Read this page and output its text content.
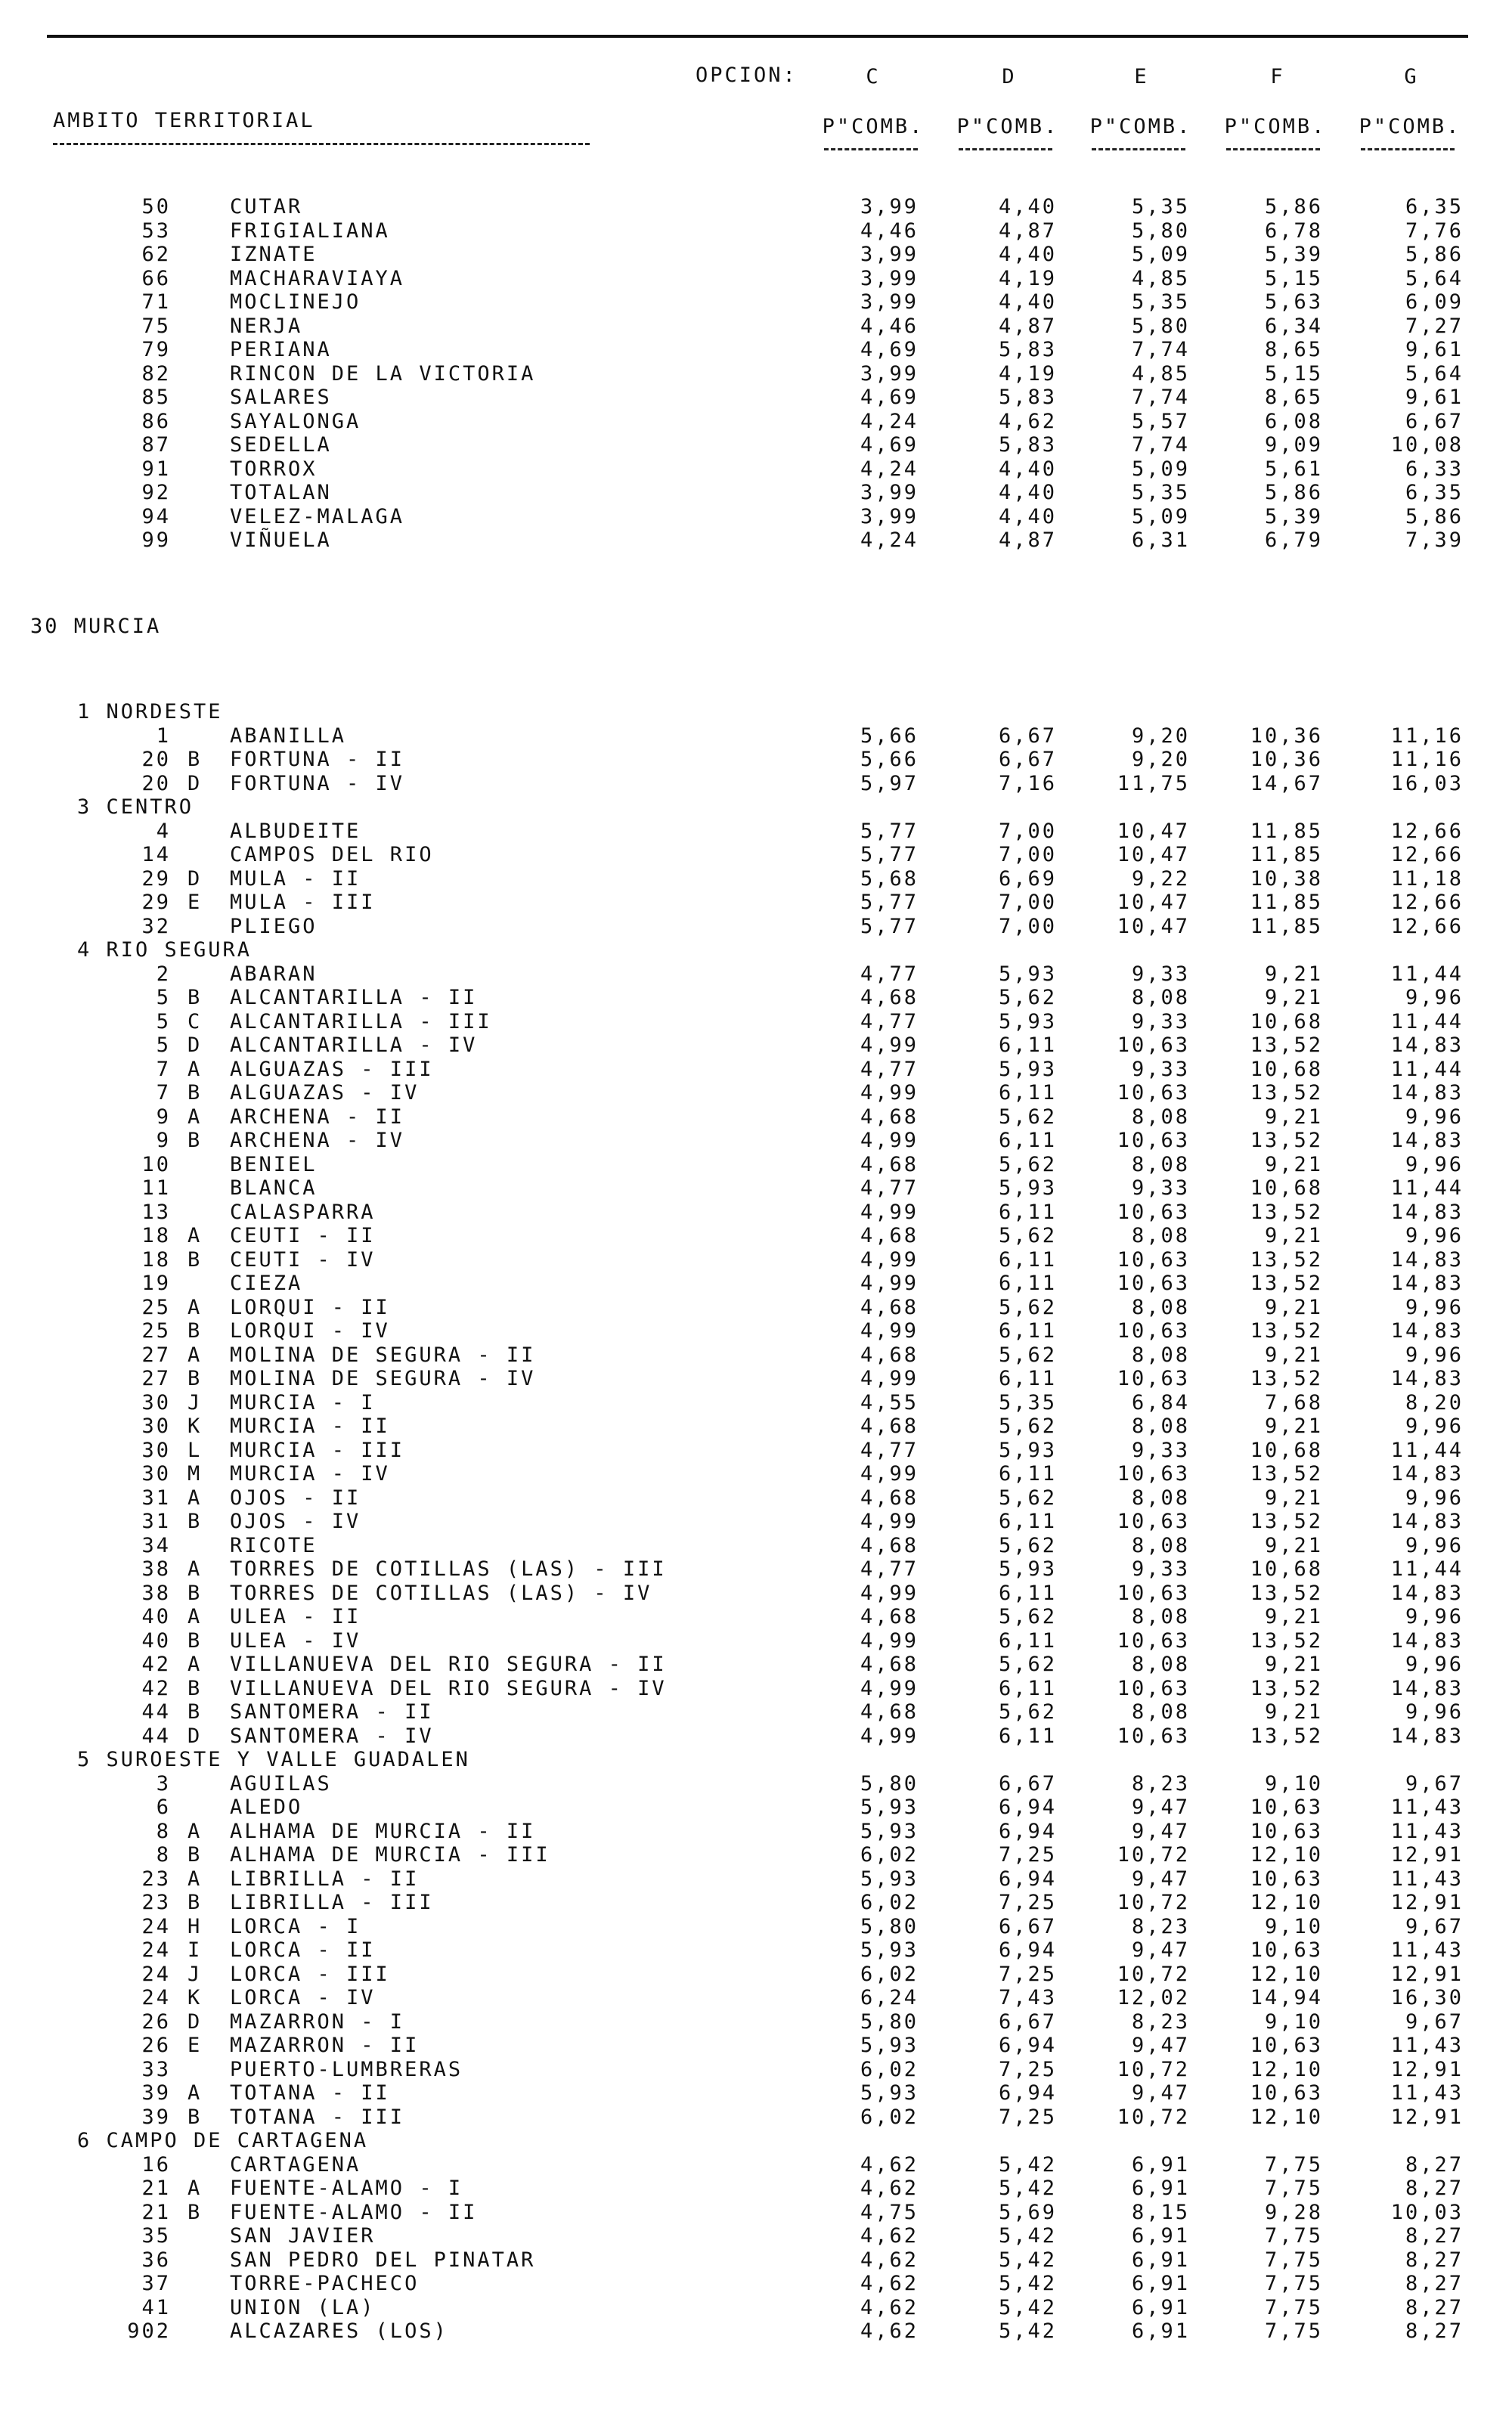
OPCION:	C	D	E	F	G
AMBITO TERRITORIAL	P"COMB. P"COMB. P"COMB. P"COMB. P"COMB.
50	CUTAR	3,99	4,40	5,35	5,86	6,35
53	FRIGIALIANA	4,46	4,87	5,80	6,78	7,76
62	IZNATE	3,99	4,40	5,09	5,39	5,86
66	MACHARAVIAYA	3,99	4,19	4,85	5,15	5,64
71	MOCLINEJO	3,99	4,40	5,35	5,63	6,09
75	NERJA	4,46	4,87	5,80	6,34	7,27
79	PERIANA	4,69	5,83	7,74	8,65	9,61
82	RINCON DE LA VICTORIA	3,99	4,19	4,85	5,15	5,64
85	SALARES	4,69	5,83	7,74	8,65	9,61
86	SAYALONGA	4,24	4,62	5,57	6,08	6,67
87	SEDELLA	4,69	5,83	7,74	9,09	10,08
91	TORROX	4,24	4,40	5,09	5,61	6,33
92	TOTALAN	3,99	4,40	5,35	5,86	6,35
94	VELEZ-MALAGA	3,99	4,40	5,09	5,39	5,86
99	VIÑUELA	4,24	4,87	6,31	6,79	7,39
30 MURCIA
1 NORDESTE
1	ABANILLA	5,66	6,67	9,20	10,36	11,16
20 B	FORTUNA - II	5,66	6,67	9,20	10,36	11,16
20 D	FORTUNA - IV	5,97	7,16	11,75	14,67	16,03
3 CENTRO
4	ALBUDEITE	5,77	7,00	10,47	11,85	12,66
14	CAMPOS DEL RIO	5,77	7,00	10,47	11,85	12,66
29 D	MULA - II	5,68	6,69	9,22	10,38	11,18
29 E	MULA - III	5,77	7,00	10,47	11,85	12,66
32	PLIEGO	5,77	7,00	10,47	11,85	12,66
4 RIO SEGURA
2	ABARAN	4,77	5,93	9,33	9,21	11,44
5 B	ALCANTARILLA - II	4,68	5,62	8,08	9,21	9,96
5 C	ALCANTARILLA - III	4,77	5,93	9,33	10,68	11,44
5 D	ALCANTARILLA - IV	4,99	6,11	10,63	13,52	14,83
7 A	ALGUAZAS - III	4,77	5,93	9,33	10,68	11,44
7 B	ALGUAZAS - IV	4,99	6,11	10,63	13,52	14,83
9 A	ARCHENA - II	4,68	5,62	8,08	9,21	9,96
9 B	ARCHENA - IV	4,99	6,11	10,63	13,52	14,83
10	BENIEL	4,68	5,62	8,08	9,21	9,96
11	BLANCA	4,77	5,93	9,33	10,68	11,44
13	CALASPARRA	4,99	6,11	10,63	13,52	14,83
18 A	CEUTI - II	4,68	5,62	8,08	9,21	9,96
18 B	CEUTI - IV	4,99	6,11	10,63	13,52	14,83
19	CIEZA	4,99	6,11	10,63	13,52	14,83
25 A	LORQUI - II	4,68	5,62	8,08	9,21	9,96
25 B	LORQUI - IV	4,99	6,11	10,63	13,52	14,83
27 A	MOLINA DE SEGURA - II	4,68	5,62	8,08	9,21	9,96
27 B	MOLINA DE SEGURA - IV	4,99	6,11	10,63	13,52	14,83
30 J	MURCIA - I	4,55	5,35	6,84	7,68	8,20
30 K	MURCIA - II	4,68	5,62	8,08	9,21	9,96
30 L	MURCIA - III	4,77	5,93	9,33	10,68	11,44
30 M	MURCIA - IV	4,99	6,11	10,63	13,52	14,83
31 A	OJOS - II	4,68	5,62	8,08	9,21	9,96
31 B	OJOS - IV	4,99	6,11	10,63	13,52	14,83
34	RICOTE	4,68	5,62	8,08	9,21	9,96
38 A	TORRES DE COTILLAS (LAS) - III	4,77	5,93	9,33	10,68	11,44
38 B	TORRES DE COTILLAS (LAS) - IV	4,99	6,11	10,63	13,52	14,83
40 A	ULEA - II	4,68	5,62	8,08	9,21	9,96
40 B	ULEA - IV	4,99	6,11	10,63	13,52	14,83
42 A	VILLANUEVA DEL RIO SEGURA - II	4,68	5,62	8,08	9,21	9,96
42 B	VILLANUEVA DEL RIO SEGURA - IV	4,99	6,11	10,63	13,52	14,83
44 B	SANTOMERA - II	4,68	5,62	8,08	9,21	9,96
44 D	SANTOMERA - IV	4,99	6,11	10,63	13,52	14,83
5 SUROESTE Y VALLE GUADALEN
3	AGUILAS	5,80	6,67	8,23	9,10	9,67
6	ALEDO	5,93	6,94	9,47	10,63	11,43
8 A	ALHAMA DE MURCIA - II	5,93	6,94	9,47	10,63	11,43
8 B	ALHAMA DE MURCIA - III	6,02	7,25	10,72	12,10	12,91
23 A	LIBRILLA - II	5,93	6,94	9,47	10,63	11,43
23 B	LIBRILLA - III	6,02	7,25	10,72	12,10	12,91
24 H	LORCA - I	5,80	6,67	8,23	9,10	9,67
24 I	LORCA - II	5,93	6,94	9,47	10,63	11,43
24 J	LORCA - III	6,02	7,25	10,72	12,10	12,91
24 K	LORCA - IV	6,24	7,43	12,02	14,94	16,30
26 D	MAZARRON - I	5,80	6,67	8,23	9,10	9,67
26 E	MAZARRON - II	5,93	6,94	9,47	10,63	11,43
33	PUERTO-LUMBRERAS	6,02	7,25	10,72	12,10	12,91
39 A	TOTANA - II	5,93	6,94	9,47	10,63	11,43
39 B	TOTANA - III	6,02	7,25	10,72	12,10	12,91
6 CAMPO DE CARTAGENA
16	CARTAGENA	4,62	5,42	6,91	7,75	8,27
21 A	FUENTE-ALAMO - I	4,62	5,42	6,91	7,75	8,27
21 B	FUENTE-ALAMO - II	4,75	5,69	8,15	9,28	10,03
35	SAN JAVIER	4,62	5,42	6,91	7,75	8,27
36	SAN PEDRO DEL PINATAR	4,62	5,42	6,91	7,75	8,27
37	TORRE-PACHECO	4,62	5,42	6,91	7,75	8,27
41	UNION (LA)	4,62	5,42	6,91	7,75	8,27
902	ALCAZARES (LOS)	4,62	5,42	6,91	7,75	8,27
